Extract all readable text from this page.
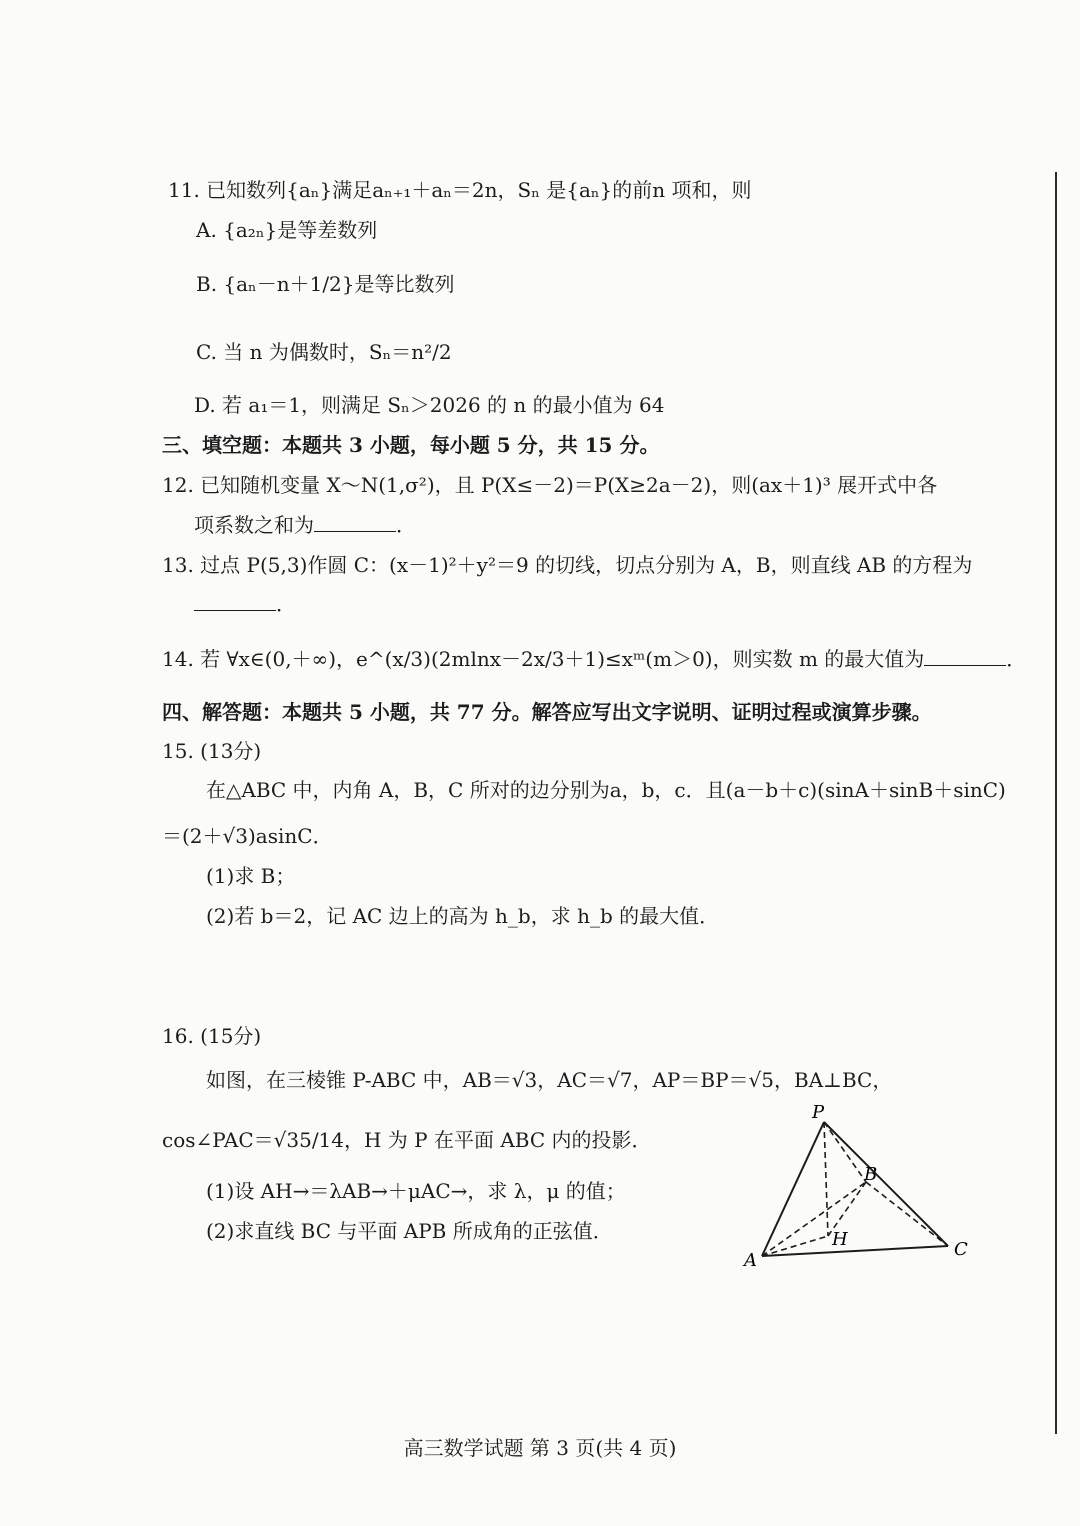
11. 已知数列{aₙ}满足aₙ₊₁＋aₙ＝2n，Sₙ 是{aₙ}的前n 项和，则
A. {a₂ₙ}是等差数列
B. {aₙ－n＋1/2}是等比数列
C. 当 n 为偶数时，Sₙ＝n²/2
D. 若 a₁＝1，则满足 Sₙ＞2026 的 n 的最小值为 64
三、填空题：本题共 3 小题，每小题 5 分，共 15 分。
12. 已知随机变量 X～N(1,σ²)，且 P(X≤－2)＝P(X≥2a－2)，则(ax＋1)³ 展开式中各
项系数之和为	．
13. 过点 P(5,3)作圆 C：(x－1)²＋y²＝9 的切线，切点分别为 A，B，则直线 AB 的方程为
．
14. 若 ∀x∈(0,＋∞)，e^(x/3)(2mlnx－2x/3＋1)≤xᵐ(m＞0)，则实数 m 的最大值为	．
四、解答题：本题共 5 小题，共 77 分。解答应写出文字说明、证明过程或演算步骤。
15. (13分)
在△ABC 中，内角 A，B，C 所对的边分别为a，b，c．且(a－b＋c)(sinA＋sinB＋sinC)
＝(2＋√3)asinC．
(1)求 B；
(2)若 b＝2，记 AC 边上的高为 h_b，求 h_b 的最大值．
16. (15分)
如图，在三棱锥 P-ABC 中，AB＝√3，AC＝√7，AP＝BP＝√5，BA⊥BC，
cos∠PAC＝√35/14，H 为 P 在平面 ABC 内的投影．
(1)设 AH→＝λAB→＋μAC→，求 λ，μ 的值；
(2)求直线 BC 与平面 APB 所成角的正弦值．
P
B
H
A
C
高三数学试题 第 3 页(共 4 页)
